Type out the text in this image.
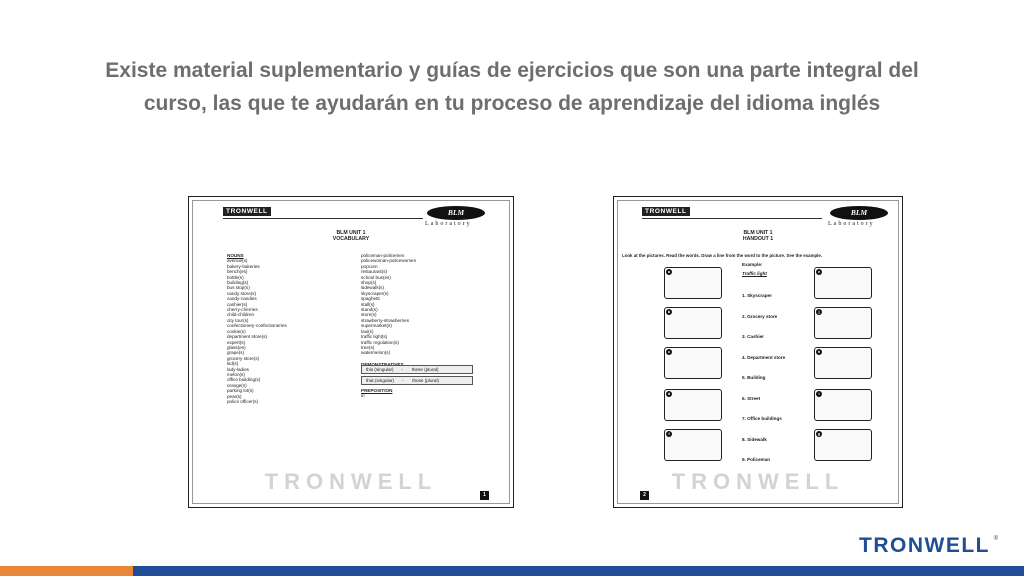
Existe material suplementario y guías de ejercicios que son una parte integral del
curso, las que te ayudarán en tu proceso de aprendizaje del idioma inglés
TRONWELL	BLM
Laboratory
BLM UNIT 1
VOCABULARY
NOUNS
avenue(s)
bakery-bakeries
bench(es)
bottle(s)
building(s)
bus stop(s)
candy store(s)
candy-candies
cashier(s)
cherry-cherries
child-children
city tour(s)
confectionery-confectioneries
cookie(s)
department store(s)
expert(s)
glass(es)
grape(s)
grocery store(s)
kid(s)
lady-ladies
melon(s)
office building(s)
orange(s)
parking lot(s)
pear(s)
police officer(s)
policeman-policemen
policewoman-policewomen
popcorn
restaurant(s)
school bus(es)
shop(s)
sidewalk(s)
skyscraper(s)
spaghetti
stall(s)
stand(s)
store(s)
strawberry-strawberries
supermarket(s)
taxi(s)
traffic light(s)
traffic regulation(s)
tree(s)
watermelon(s)
this (singular)      -       these (plural)
that (singular)      -       those (plural)
PREPOSITION
in
TRONWELL
1
TRONWELL	BLM
Laboratory
BLM UNIT 1
HANDOUT 1
Look at the pictures. Read the words. Draw a line from the word to the picture. See the example.
Example:
a
b
c
d
f
e
j
h
i
g
Traffic light
1. Skyscraper
2. Grocery store
3. Cashier
4. Department store
5. Building
6. Street
7. Office buildings
8. Sidewalk
9. Policeman
TRONWELL
2
TRONWELL ®
